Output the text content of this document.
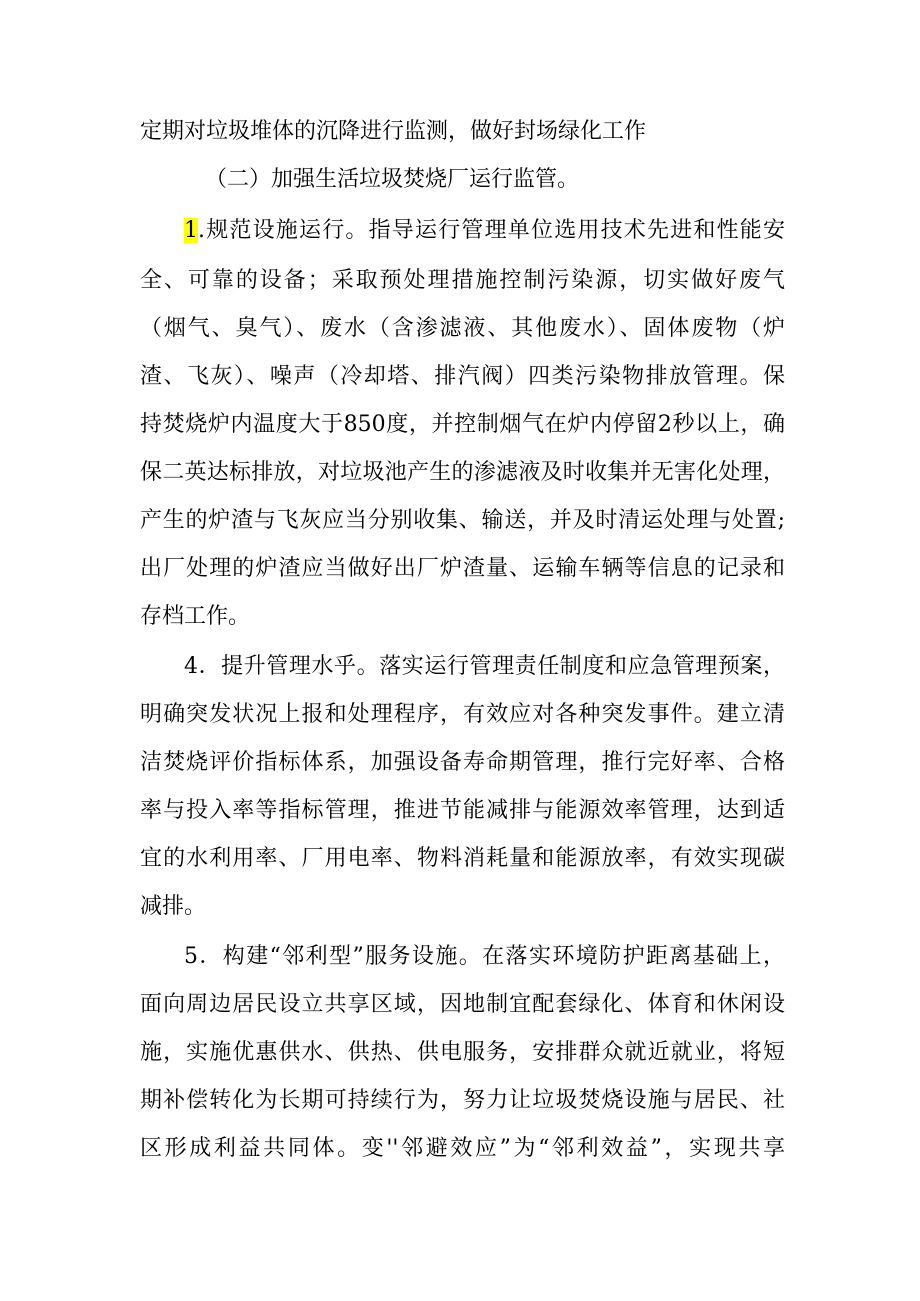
定期对垃圾堆体的沉降进行监测，做好封场绿化工作
（二）加强生活垃圾焚烧厂运行监管。
1.规范设施运行。指导运行管理单位选用技术先进和性能安
全、可靠的设备；采取预处理措施控制污染源，切实做好废气
（烟气、臭气）、废水（含渗滤液、其他废水）、固体废物（炉
渣、飞灰）、噪声（冷却塔、排汽阀）四类污染物排放管理。保
持焚烧炉内温度大于850度，并控制烟气在炉内停留2秒以上，确
保二英达标排放，对垃圾池产生的渗滤液及时收集并无害化处理，
产生的炉渣与飞灰应当分别收集、输送，并及时清运处理与处置;
出厂处理的炉渣应当做好出厂炉渣量、运输车辆等信息的记录和
存档工作。
4．提升管理水乎。落实运行管理责任制度和应急管理预案，
明确突发状况上报和处理程序，有效应对各种突发事件。建立清
洁焚烧评价指标体系，加强设备寿命期管理，推行完好率、合格
率与投入率等指标管理，推进节能减排与能源效率管理，达到适
宜的水利用率、厂用电率、物料消耗量和能源放率，有效实现碳
减排。
5．构建“邻利型”服务设施。在落实环境防护距离基础上，
面向周边居民设立共享区域，因地制宜配套绿化、体育和休闲设
施，实施优惠供水、供热、供电服务，安排群众就近就业，将短
期补偿转化为长期可持续行为，努力让垃圾焚烧设施与居民、社
区形成利益共同体。变''邻避效应”为“邻利效益”，实现共享
